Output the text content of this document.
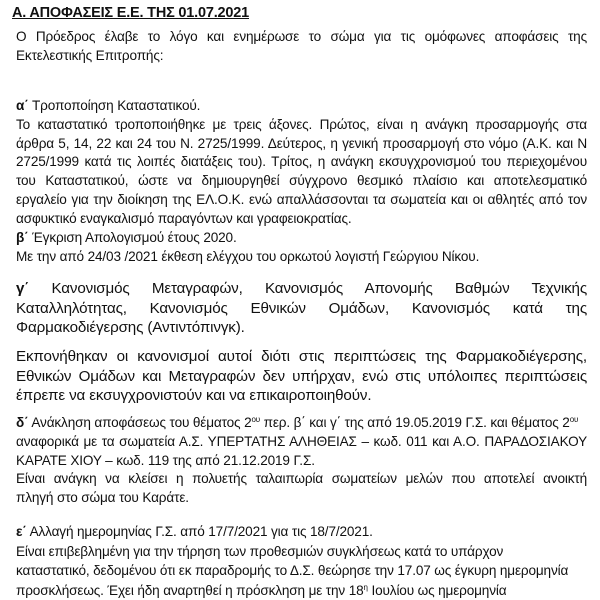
Α. ΑΠΟΦΑΣΕΙΣ Ε.Ε. ΤΗΣ 01.07.2021
Ο Πρόεδρος έλαβε το λόγο και ενημέρωσε το σώμα για τις ομόφωνες αποφάσεις της
Εκτελεστικής Επιτροπής:
α΄ Τροποποίηση Καταστατικού.
Το καταστατικό τροποποιήθηκε με τρεις άξονες. Πρώτος, είναι η ανάγκη προσαρμογής στα
άρθρα 5, 14, 22 και 24 του Ν. 2725/1999. Δεύτερος, η γενική προσαρμογή στο νόμο (Α.Κ. και Ν
2725/1999 κατά τις λοιπές διατάξεις του). Τρίτος, η ανάγκη εκσυγχρονισμού του περιεχομένου
του Καταστατικού, ώστε να δημιουργηθεί σύγχρονο θεσμικό πλαίσιο και αποτελεσματικό
εργαλείο για την διοίκηση της ΕΛ.Ο.Κ. ενώ απαλλάσσονται τα σωματεία και οι αθλητές από τον
ασφυκτικό εναγκαλισμό παραγόντων και γραφειοκρατίας.
β΄ Έγκριση Απολογισμού έτους 2020.
Με την από 24/03 /2021 έκθεση ελέγχου του ορκωτού λογιστή Γεώργιου Νίκου.
γ΄ Κανονισμός Μεταγραφών, Κανονισμός Απονομής Βαθμών Τεχνικής
Καταλληλότητας, Κανονισμός Εθνικών Ομάδων, Κανονισμός κατά της
Φαρμακοδιέγερσης (Αντιντόπινγκ).
Εκπονήθηκαν οι κανονισμοί αυτοί διότι στις περιπτώσεις της Φαρμακοδιέγερσης,
Εθνικών Ομάδων και Μεταγραφών δεν υπήρχαν, ενώ στις υπόλοιπες περιπτώσεις
έπρεπε να εκσυγχρονιστούν και να επικαιροποιηθούν.
δ΄ Ανάκληση αποφάσεως του θέματος $2^{o\upsilon}$ περ. β΄ και γ΄ της από 19.05.2019 Γ.Σ. και θέματος $2^{o\upsilon}$
αναφορικά με τα σωματεία Α.Σ. ΥΠΕΡΤΑΤΗΣ ΑΛΗΘΕΙΑΣ – κωδ. 011 και Α.Ο. ΠΑΡΑΔΟΣΙΑΚΟΥ
ΚΑΡΑΤΕ ΧΙΟΥ – κωδ. 119 της από 21.12.2019 Γ.Σ.
Είναι ανάγκη να κλείσει η πολυετής ταλαιπωρία σωματείων μελών που αποτελεί ανοικτή
πληγή στο σώμα του Καράτε.
ε΄ Αλλαγή ημερομηνίας Γ.Σ. από 17/7/2021 για τις 18/7/2021.
Είναι επιβεβλημένη για την τήρηση των προθεσμιών συγκλήσεως κατά το υπάρχον
καταστατικό, δεδομένου ότι εκ παραδρομής το Δ.Σ. θεώρησε την 17.07 ως έγκυρη ημερομηνία
προσκλήσεως. Έχει ήδη αναρτηθεί η πρόσκληση με την $18^\eta$ Ιουλίου ως ημερομηνία
